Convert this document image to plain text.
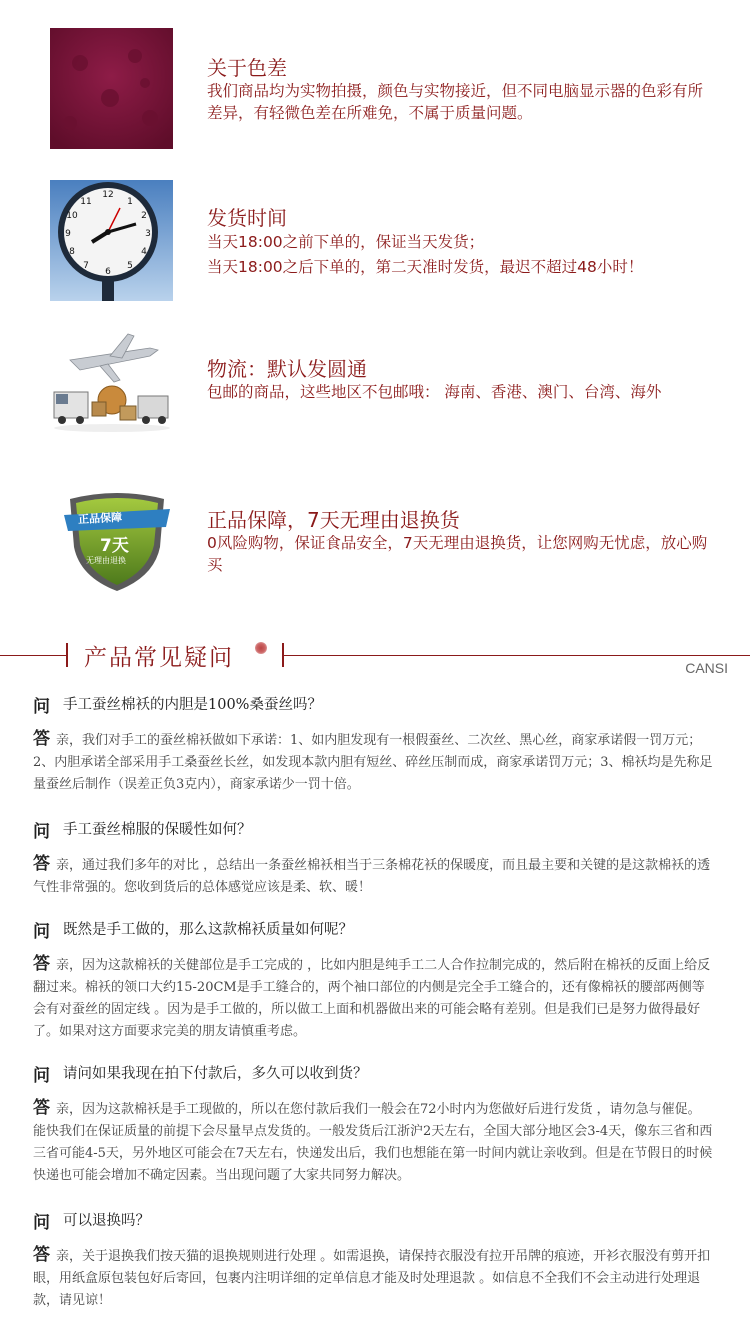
关于色差
我们商品均为实物拍摄，颜色与实物接近，但不同电脑显示器的色彩有所差异，有轻微色差在所难免，不属于质量问题。
12
1
2
3
4
5
6
7
8
9
10
11
发货时间
当天18:00之前下单的，保证当天发货；
当天18:00之后下单的，第二天准时发货，最迟不超过48小时！
物流：默认发圆通
包邮的商品，这些地区不包邮哦： 海南、香港、澳门、台湾、海外
正品保障
7天
无理由退换
正品保障，7天无理由退换货
0风险购物，保证食品安全，7天无理由退换货，让您网购无忧虑，放心购买
产品常见疑问	CANSI
问 手工蚕丝棉袄的内胆是100%桑蚕丝吗？
答 亲，我们对手工的蚕丝棉袄做如下承诺：1、如内胆发现有一根假蚕丝、二次丝、黑心丝，商家承诺假一罚万元；2、内胆承诺全部采用手工桑蚕丝长丝，如发现本款内胆有短丝、碎丝压制而成，商家承诺罚万元；3、棉袄均是先称足量蚕丝后制作（误差正负3克内），商家承诺少一罚十倍。
问 手工蚕丝棉服的保暖性如何？
答 亲，通过我们多年的对比 ，总结出一条蚕丝棉袄相当于三条棉花袄的保暖度，而且最主要和关键的是这款棉袄的透气性非常强的。您收到货后的总体感觉应该是柔、软、暖！
问 既然是手工做的，那么这款棉袄质量如何呢？
答 亲，因为这款棉袄的关健部位是手工完成的 ，比如内胆是纯手工二人合作拉制完成的，然后附在棉袄的反面上给反翻过来。棉袄的领口大约15-20CM是手工缝合的，两个袖口部位的内侧是完全手工缝合的，还有像棉袄的腰部两侧等会有对蚕丝的固定线 。因为是手工做的，所以做工上面和机器做出来的可能会略有差别。但是我们已是努力做得最好了。如果对这方面要求完美的朋友请慎重考虑。
问 请问如果我现在拍下付款后，多久可以收到货？
答 亲，因为这款棉袄是手工现做的，所以在您付款后我们一般会在72小时内为您做好后进行发货 ，请勿急与催促。能快我们在保证质量的前提下会尽量早点发货的。一般发货后江浙沪2天左右，全国大部分地区会3-4天，像东三省和西三省可能4-5天，另外地区可能会在7天左右，快递发出后，我们也想能在第一时间内就让亲收到。但是在节假日的时候快递也可能会增加不确定因素。当出现问题了大家共同努力解决。
问 可以退换吗？
答 亲，关于退换我们按天猫的退换规则进行处理 。如需退换，请保持衣服没有拉开吊牌的痕迹，开衫衣服没有剪开扣眼，用纸盒原包装包好后寄回，包裹内注明详细的定单信息才能及时处理退款 。如信息不全我们不会主动进行处理退款，请见谅！
